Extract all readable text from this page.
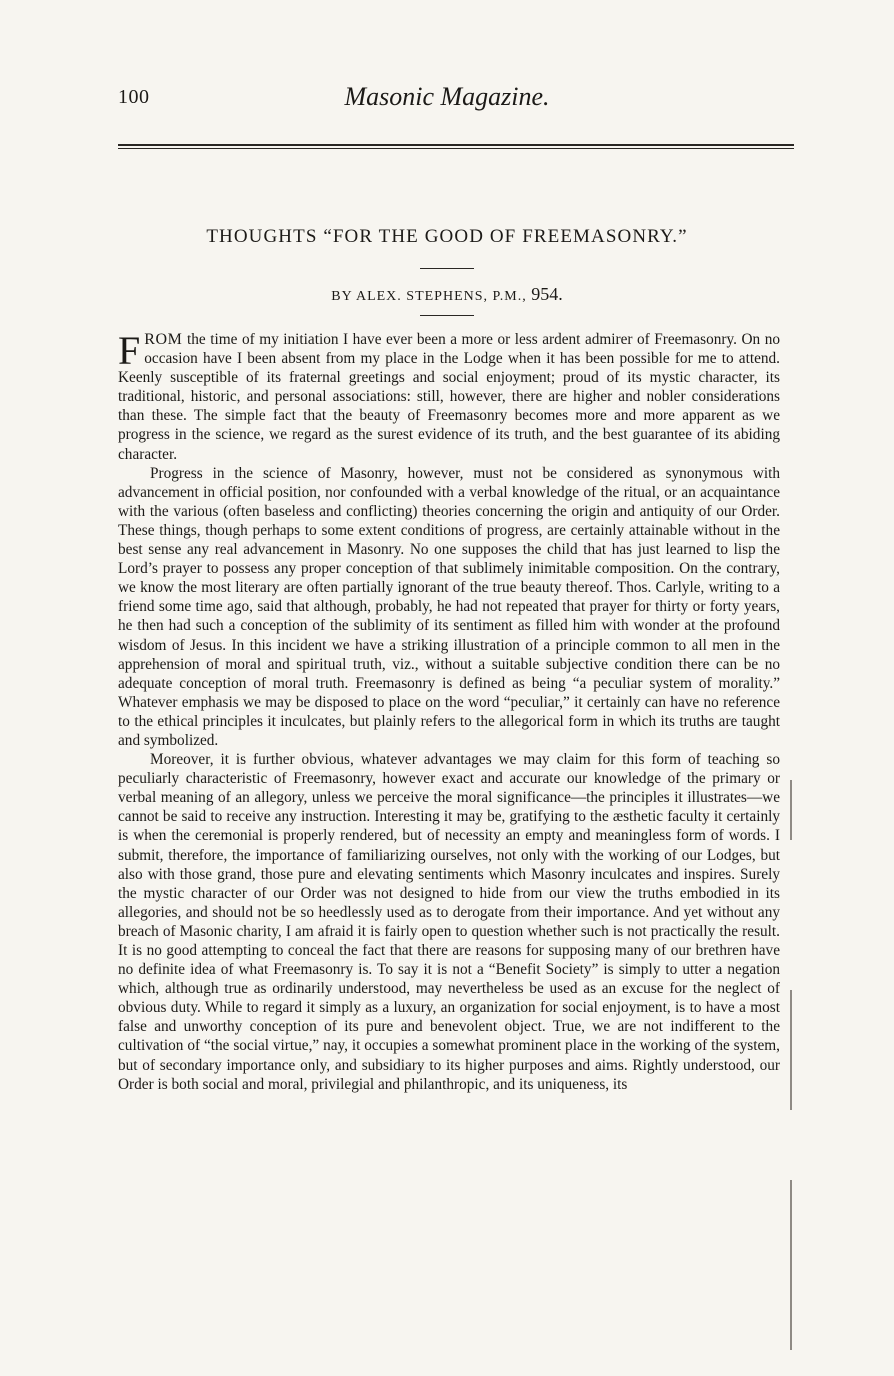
100	Masonic Magazine.
THOUGHTS “FOR THE GOOD OF FREEMASONRY.”
BY ALEX. STEPHENS, P.M., 954.

FROM the time of my initiation I have ever been a more or less ardent admirer of Freemasonry. On no occasion have I been absent from my place in the Lodge when it has been possible for me to attend. Keenly susceptible of its fraternal greetings and social enjoyment; proud of its mystic character, its traditional, historic, and personal associations: still, however, there are higher and nobler considerations than these. The simple fact that the beauty of Freemasonry becomes more and more apparent as we progress in the science, we regard as the surest evidence of its truth, and the best guarantee of its abiding character.

Progress in the science of Masonry, however, must not be considered as synonymous with advancement in official position, nor confounded with a verbal knowledge of the ritual, or an acquaintance with the various (often baseless and conflicting) theories concerning the origin and antiquity of our Order. These things, though perhaps to some extent conditions of progress, are certainly attainable without in the best sense any real advancement in Masonry. No one supposes the child that has just learned to lisp the Lord’s prayer to possess any proper conception of that sublimely inimitable composition. On the contrary, we know the most literary are often partially ignorant of the true beauty thereof. Thos. Carlyle, writing to a friend some time ago, said that although, probably, he had not repeated that prayer for thirty or forty years, he then had such a conception of the sublimity of its sentiment as filled him with wonder at the profound wisdom of Jesus. In this incident we have a striking illustration of a principle common to all men in the apprehension of moral and spiritual truth, viz., without a suitable subjective condition there can be no adequate conception of moral truth. Freemasonry is defined as being “a peculiar system of morality.” Whatever emphasis we may be disposed to place on the word “peculiar,” it certainly can have no reference to the ethical principles it inculcates, but plainly refers to the allegorical form in which its truths are taught and symbolized.

Moreover, it is further obvious, whatever advantages we may claim for this form of teaching so peculiarly characteristic of Freemasonry, however exact and accurate our knowledge of the primary or verbal meaning of an allegory, unless we perceive the moral significance—the principles it illustrates—we cannot be said to receive any instruction. Interesting it may be, gratifying to the æsthetic faculty it certainly is when the ceremonial is properly rendered, but of necessity an empty and meaningless form of words. I submit, therefore, the importance of familiarizing ourselves, not only with the working of our Lodges, but also with those grand, those pure and elevating sentiments which Masonry inculcates and inspires. Surely the mystic character of our Order was not designed to hide from our view the truths embodied in its allegories, and should not be so heedlessly used as to derogate from their importance. And yet without any breach of Masonic charity, I am afraid it is fairly open to question whether such is not practically the result. It is no good attempting to conceal the fact that there are reasons for supposing many of our brethren have no definite idea of what Freemasonry is. To say it is not a “Benefit Society” is simply to utter a negation which, although true as ordinarily understood, may nevertheless be used as an excuse for the neglect of obvious duty. While to regard it simply as a luxury, an organization for social enjoyment, is to have a most false and unworthy conception of its pure and benevolent object. True, we are not indifferent to the cultivation of “the social virtue,” nay, it occupies a somewhat prominent place in the working of the system, but of secondary importance only, and subsidiary to its higher purposes and aims. Rightly understood, our Order is both social and moral, privilegial and philanthropic, and its uniqueness, its
